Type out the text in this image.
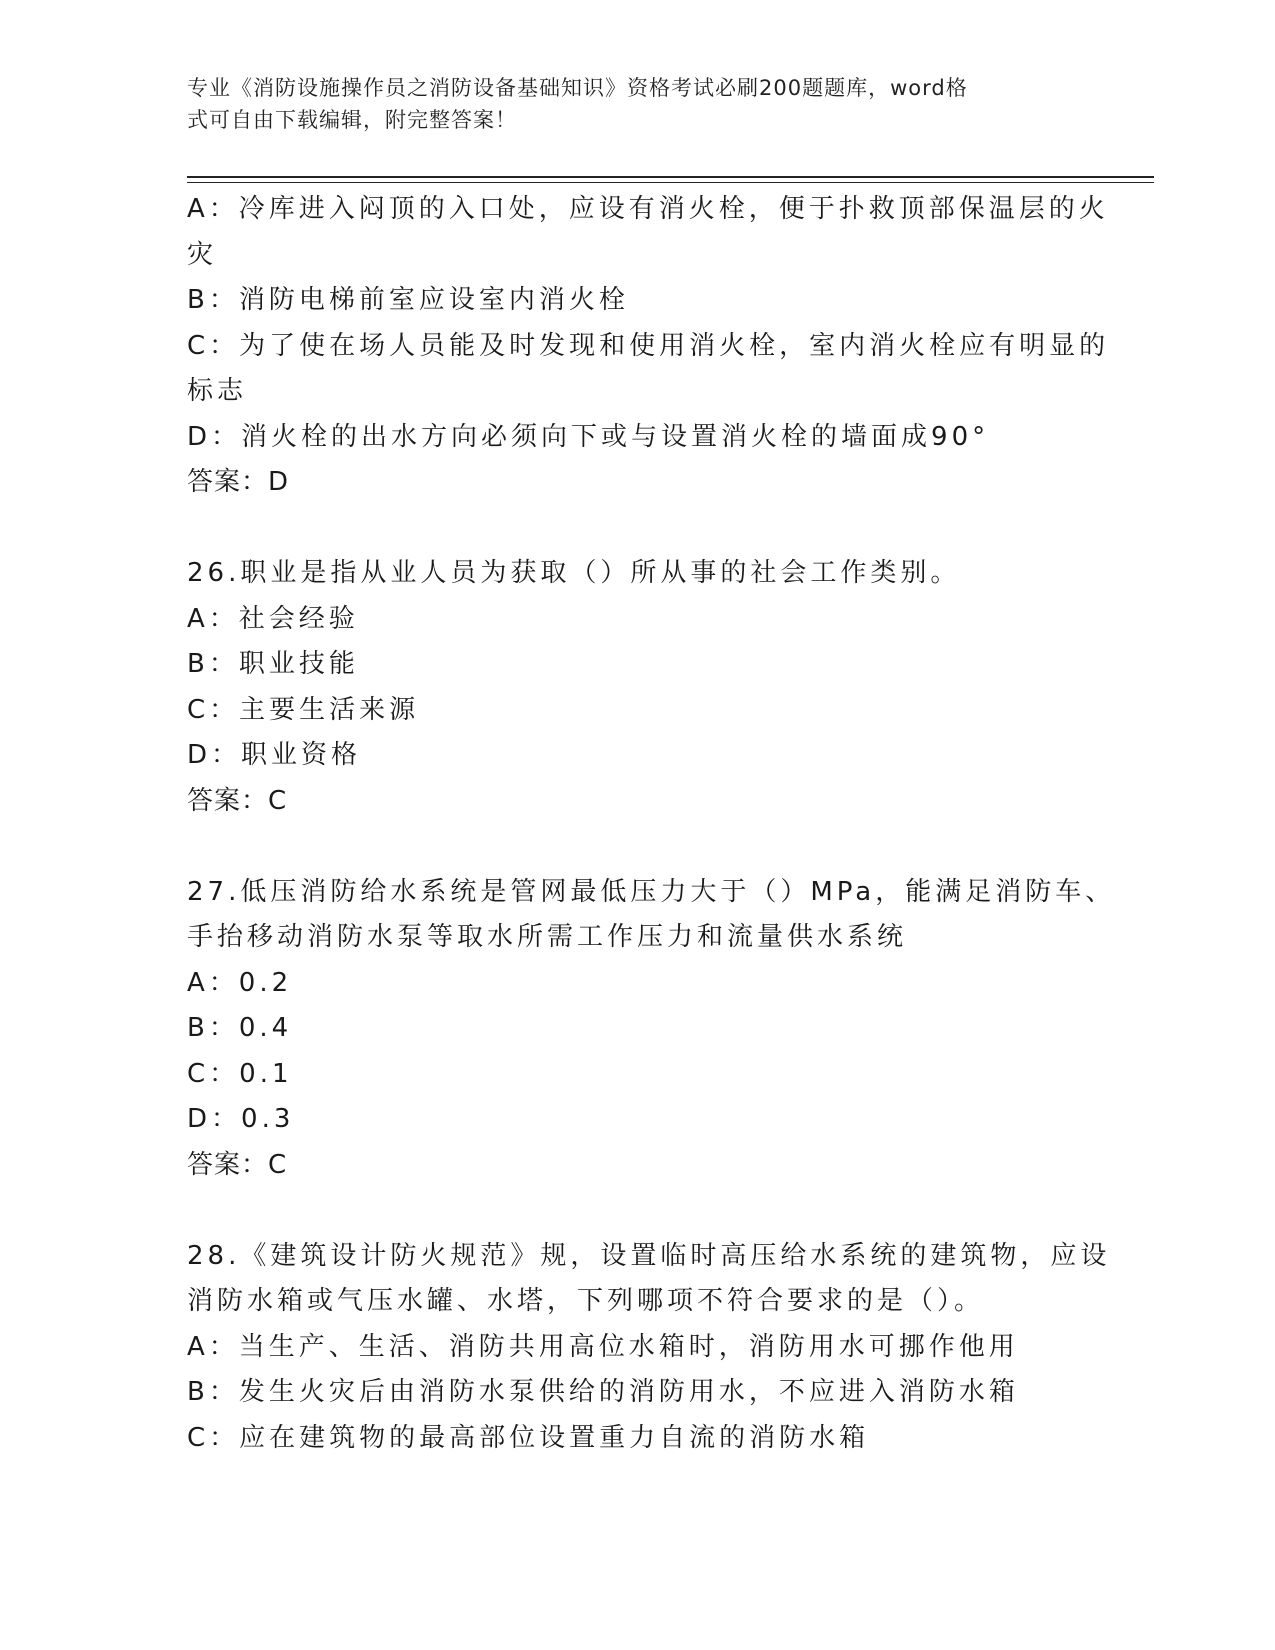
专业《消防设施操作员之消防设备基础知识》资格考试必刷200题题库，word格
式可自由下载编辑，附完整答案！
A：冷库进入闷顶的入口处，应设有消火栓，便于扑救顶部保温层的火
灾
B：消防电梯前室应设室内消火栓
C：为了使在场人员能及时发现和使用消火栓，室内消火栓应有明显的
标志
D：消火栓的出水方向必须向下或与设置消火栓的墙面成90°
答案：D
26.职业是指从业人员为获取（）所从事的社会工作类别。
A：社会经验
B：职业技能
C：主要生活来源
D：职业资格
答案：C
27.低压消防给水系统是管网最低压力大于（）MPa，能满足消防车、
手抬移动消防水泵等取水所需工作压力和流量供水系统
A：0.2
B：0.4
C：0.1
D：0.3
答案：C
28.《建筑设计防火规范》规，设置临时高压给水系统的建筑物，应设
消防水箱或气压水罐、水塔，下列哪项不符合要求的是（）。
A：当生产、生活、消防共用高位水箱时，消防用水可挪作他用
B：发生火灾后由消防水泵供给的消防用水，不应进入消防水箱
C：应在建筑物的最高部位设置重力自流的消防水箱
